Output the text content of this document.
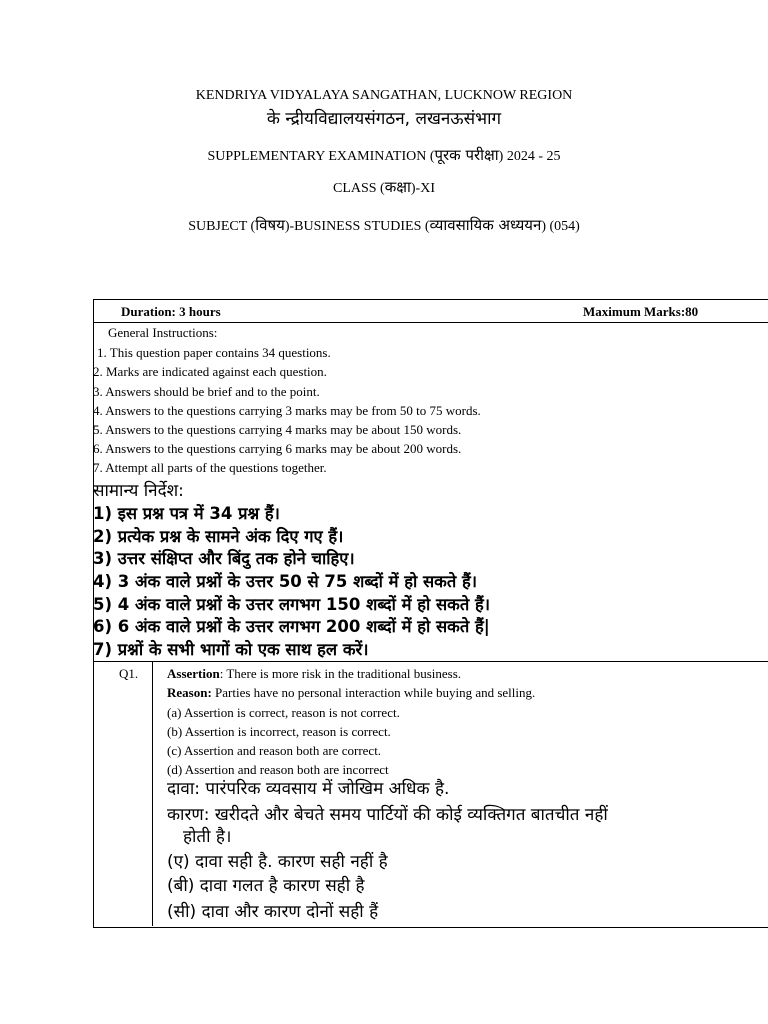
KENDRIYA VIDYALAYA SANGATHAN, LUCKNOW REGION
के न्द्रीयविद्यालयसंगठन, लखनऊसंभाग
SUPPLEMENTARY EXAMINATION (पूरक परीक्षा) 2024 - 25
CLASS (कक्षा)-XI
SUBJECT (विषय)-BUSINESS STUDIES (व्यावसायिक अध्ययन) (054)
Duration: 3 hours	Maximum Marks:80
General Instructions:
1. This question paper contains 34 questions.
2. Marks are indicated against each question.
3. Answers should be brief and to the point.
4. Answers to the questions carrying 3 marks may be from 50 to 75 words.
5. Answers to the questions carrying 4 marks may be about 150 words.
6. Answers to the questions carrying 6 marks may be about 200 words.
7. Attempt all parts of the questions together.
सामान्य निर्देश:
1) इस प्रश्न पत्र में 34 प्रश्न हैं।
2) प्रत्येक प्रश्न के सामने अंक दिए गए हैं।
3) उत्तर संक्षिप्त और बिंदु तक होने चाहिए।
4) 3 अंक वाले प्रश्नों के उत्तर 50 से 75 शब्दों में हो सकते हैं।
5) 4 अंक वाले प्रश्नों के उत्तर लगभग 150 शब्दों में हो सकते हैं।
6) 6 अंक वाले प्रश्नों के उत्तर लगभग 200 शब्दों में हो सकते हैं|
7) प्रश्नों के सभी भागों को एक साथ हल करें।
Q1. Assertion: There is more risk in the traditional business.
Reason: Parties have no personal interaction while buying and selling.
(a) Assertion is correct, reason is not correct.
(b) Assertion is incorrect, reason is correct.
(c) Assertion and reason both are correct.
(d) Assertion and reason both are incorrect
दावा: पारंपरिक व्यवसाय में जोखिम अधिक है.
कारण: खरीदते और बेचते समय पार्टियों की कोई व्यक्तिगत बातचीत नहीं
होती है।
(ए) दावा सही है. कारण सही नहीं है
(बी) दावा गलत है कारण सही है
(सी) दावा और कारण दोनों सही हैं
